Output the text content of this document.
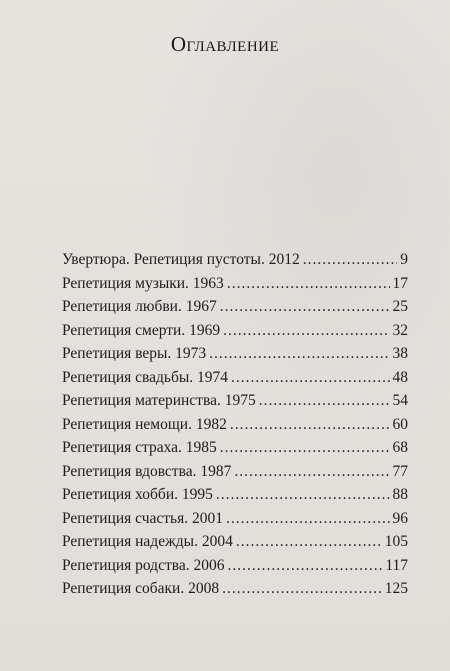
Оглавление
Увертюра. Репетиция пустоты. 2012 .....	9
Репетиция музыки. 1963 .....	17
Репетиция любви. 1967 .....	25
Репетиция смерти. 1969 .....	32
Репетиция веры. 1973 .....	38
Репетиция свадьбы. 1974 .....	48
Репетиция материнства. 1975 .....	54
Репетиция немощи. 1982 .....	60
Репетиция страха. 1985 .....	68
Репетиция вдовства. 1987 .....	77
Репетиция хобби. 1995 .....	88
Репетиция счастья. 2001 .....	96
Репетиция надежды. 2004 .....	105
Репетиция родства. 2006 .....	117
Репетиция собаки. 2008 .....	125
